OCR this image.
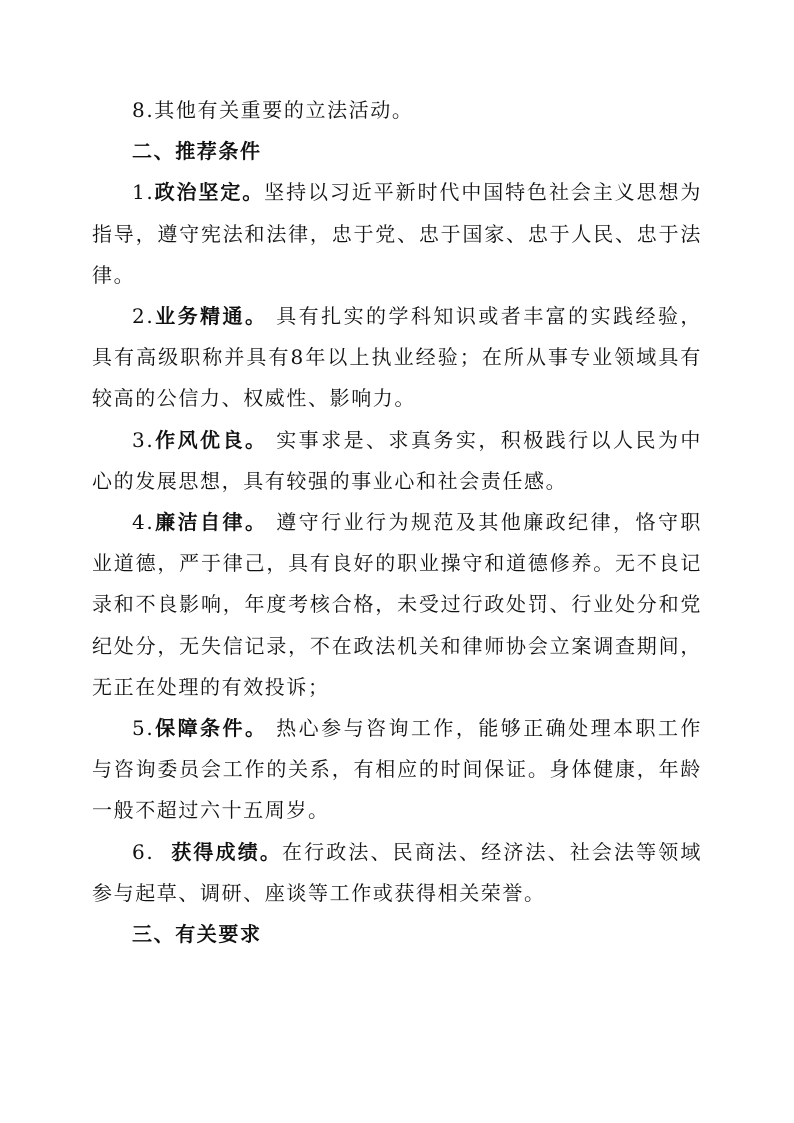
8.其他有关重要的立法活动。

二、推荐条件

1.政治坚定。坚持以习近平新时代中国特色社会主义思想为指导，遵守宪法和法律，忠于党、忠于国家、忠于人民、忠于法律。

2.业务精通。 具有扎实的学科知识或者丰富的实践经验，具有高级职称并具有8年以上执业经验；在所从事专业领域具有较高的公信力、权威性、影响力。

3.作风优良。 实事求是、求真务实，积极践行以人民为中心的发展思想，具有较强的事业心和社会责任感。

4.廉洁自律。 遵守行业行为规范及其他廉政纪律，恪守职业道德，严于律己，具有良好的职业操守和道德修养。无不良记录和不良影响，年度考核合格，未受过行政处罚、行业处分和党纪处分，无失信记录，不在政法机关和律师协会立案调查期间，无正在处理的有效投诉；

5.保障条件。 热心参与咨询工作，能够正确处理本职工作与咨询委员会工作的关系，有相应的时间保证。身体健康，年龄一般不超过六十五周岁。

6.  获得成绩。在行政法、民商法、经济法、社会法等领域参与起草、调研、座谈等工作或获得相关荣誉。

三、有关要求
